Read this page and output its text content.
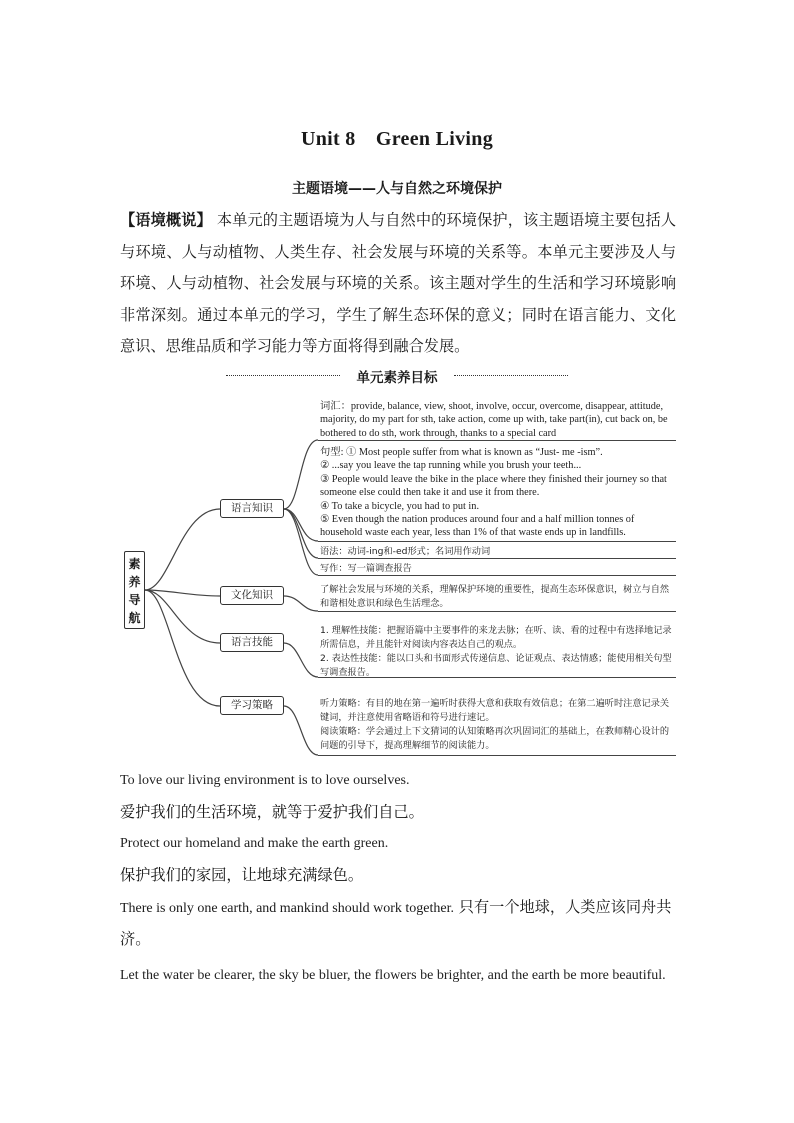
Unit 8　Green Living
主题语境——人与自然之环境保护
【语境概说】 本单元的主题语境为人与自然中的环境保护，该主题语境主要包括人与环境、人与动植物、人类生存、社会发展与环境的关系等。本单元主要涉及人与环境、人与动植物、社会发展与环境的关系。该主题对学生的生活和学习环境影响非常深刻。通过本单元的学习，学生了解生态环保的意义；同时在语言能力、文化意识、思维品质和学习能力等方面将得到融合发展。
单元素养目标
素
养
导
航
语言知识
文化知识
语言技能
学习策略
词汇：provide, balance, view, shoot, involve, occur, overcome, disappear, attitude, majority, do my part for sth, take action, come up with, take part(in), cut back on, be bothered to do sth, work through, thanks to a special card
句型: ① Most people suffer from what is known as “Just- me -ism”.
② ...say you leave the tap running while you brush your teeth...
③ People would leave the bike in the place where they finished their journey so that someone else could then take it and use it from there.
④ To take a bicycle, you had to put in.
⑤ Even though the nation produces around four and a half million tonnes of household waste each year, less than 1% of that waste ends up in landfills.
语法：动词-ing和-ed形式；名词用作动词
写作：写一篇调查报告
了解社会发展与环境的关系，理解保护环境的重要性，提高生态环保意识，树立与自然和谐相处意识和绿色生活理念。
1. 理解性技能：把握语篇中主要事件的来龙去脉；在听、读、看的过程中有选择地记录所需信息，并且能针对阅读内容表达自己的观点。
2. 表达性技能：能以口头和书面形式传递信息、论证观点、表达情感；能使用相关句型写调查报告。
听力策略：有目的地在第一遍听时获得大意和获取有效信息；在第二遍听时注意记录关键词，并注意使用省略语和符号进行速记。
阅读策略：学会通过上下文猜词的认知策略再次巩固词汇的基础上，在教师精心设计的问题的引导下，提高理解细节的阅读能力。
To love our living environment is to love ourselves.
爱护我们的生活环境，就等于爱护我们自己。
Protect our homeland and make the earth green.
保护我们的家园，让地球充满绿色。
There is only one earth, and mankind should work together. 只有一个地球，人类应该同舟共济。
Let the water be clearer, the sky be bluer, the flowers be brighter, and the earth be more beautiful.
